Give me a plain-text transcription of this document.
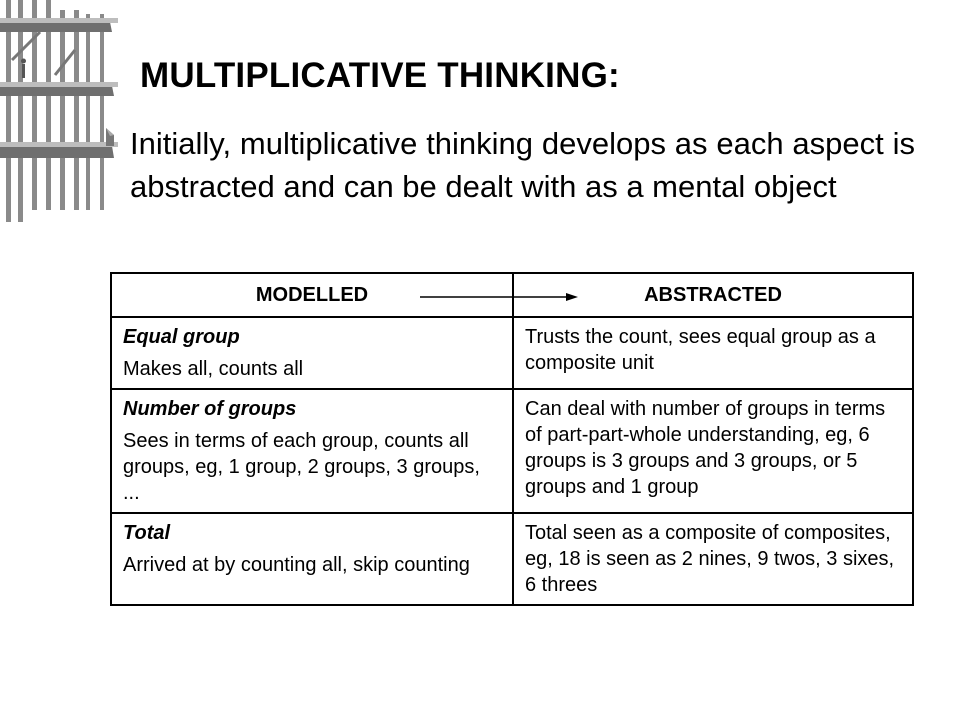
MULTIPLICATIVE THINKING:

Initially, multiplicative thinking develops as each aspect is abstracted and can be dealt with as a mental object

MODELLED	ABSTRACTED

Equal group
Makes all, counts all	Trusts the count, sees equal group as a composite unit

Number of groups
Sees in terms of each group, counts all groups, eg, 1 group, 2 groups, 3 groups, ...	Can deal with number of groups in terms of part-part-whole understanding, eg, 6 groups is 3 groups and 3 groups, or 5 groups and 1 group

Total
Arrived at by counting all, skip counting	Total seen as a composite of composites, eg, 18 is seen as 2 nines, 9 twos, 3 sixes, 6 threes
